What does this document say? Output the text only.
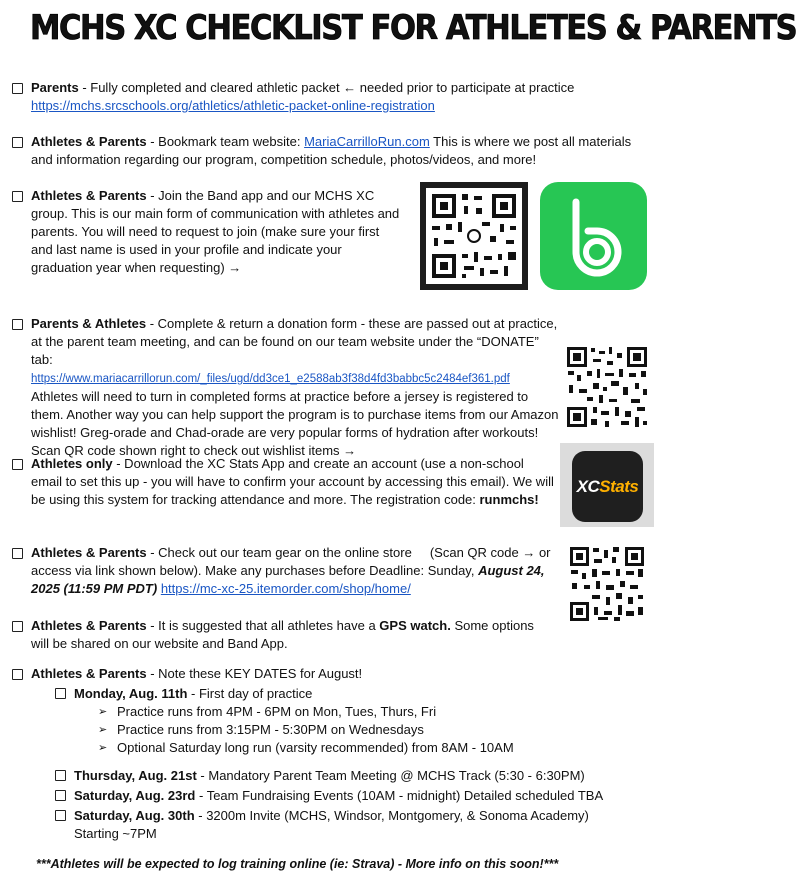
MCHS XC CHECKLIST FOR ATHLETES & PARENTS
Parents - Fully completed and cleared athletic packet ← needed prior to participate at practice
https://mchs.srcschools.org/athletics/athletic-packet-online-registration
Athletes & Parents - Bookmark team website: MariaCarrilloRun.com This is where we post all materials and information regarding our program, competition schedule, photos/videos, and more!
Athletes & Parents - Join the Band app and our MCHS XC group. This is our main form of communication with athletes and parents. You will need to request to join (make sure your first and last name is used in your profile and indicate your graduation year when requesting) →
Parents & Athletes - Complete & return a donation form - these are passed out at practice, at the parent team meeting, and can be found on our team website under the “DONATE” tab:
https://www.mariacarrillorun.com/_files/ugd/dd3ce1_e2588ab3f38d4fd3babbc5c2484ef361.pdf
Athletes will need to turn in completed forms at practice before a jersey is registered to them. Another way you can help support the program is to purchase items from our Amazon wishlist! Greg-orade and Chad-orade are very popular forms of hydration after workouts! Scan QR code shown right to check out wishlist items →
Athletes only - Download the XC Stats App and create an account (use a non-school email to set this up - you will have to confirm your account by accessing this email). We will be using this system for tracking attendance and more. The registration code: runmchs!
XC Stats
Athletes & Parents - Check out our team gear on the online store     (Scan QR code → or access via link shown below). Make any purchases before Deadline: Sunday, August 24, 2025 (11:59 PM PDT) https://mc-xc-25.itemorder.com/shop/home/
Athletes & Parents - It is suggested that all athletes have a GPS watch. Some options will be shared on our website and Band App.
Athletes & Parents - Note these KEY DATES for August!
Monday, Aug. 11th - First day of practice
➢ Practice runs from 4PM - 6PM on Mon, Tues, Thurs, Fri
➢ Practice runs from 3:15PM - 5:30PM on Wednesdays
➢ Optional Saturday long run (varsity recommended) from 8AM - 10AM
Thursday, Aug. 21st - Mandatory Parent Team Meeting @ MCHS Track (5:30 - 6:30PM)
Saturday, Aug. 23rd - Team Fundraising Events (10AM - midnight) Detailed scheduled TBA
Saturday, Aug. 30th - 3200m Invite (MCHS, Windsor, Montgomery, & Sonoma Academy) Starting ~7PM
***Athletes will be expected to log training online (ie: Strava) - More info on this soon!***
